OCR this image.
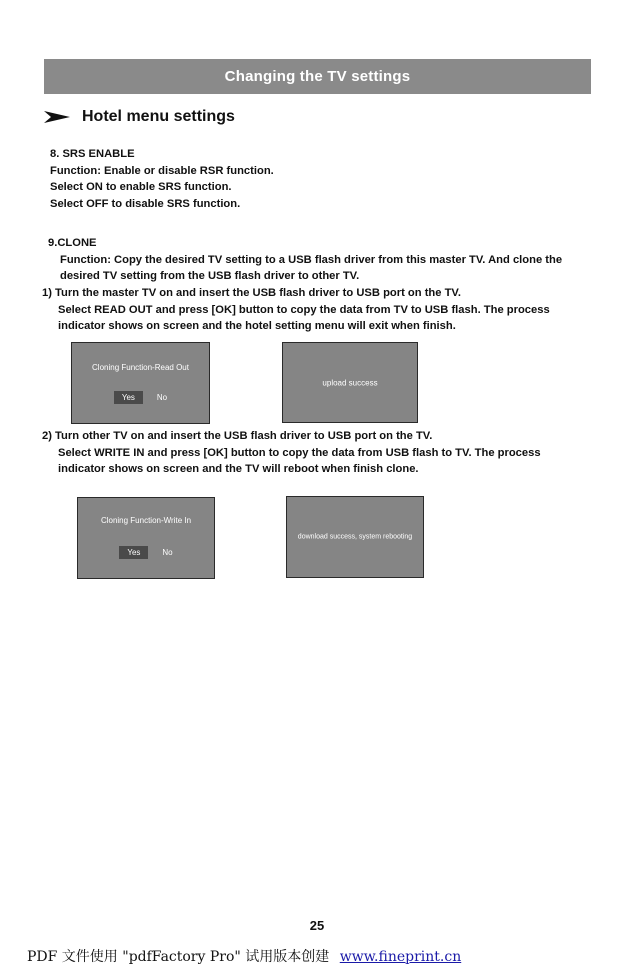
Changing the TV settings
Hotel menu settings

8. SRS ENABLE

Function: Enable or disable RSR function.

Select ON to enable SRS function.

Select OFF to disable SRS function.

9.CLONE

Function: Copy the desired TV setting to a USB flash driver from this master TV. And clone the

desired TV setting from the USB flash driver to other TV.

1) Turn the master TV on and insert the USB flash driver to USB port on the TV.

Select READ OUT and press [OK] button to copy the data from TV to USB flash. The process

indicator shows on screen and the hotel setting menu will exit when finish.

Cloning Function-Read Out
Yes	No
upload success

2) Turn other TV on and insert the USB flash driver to USB port on the TV.

Select WRITE IN and press [OK] button to copy the data from USB flash to TV. The process

indicator shows on screen and the TV will reboot when finish clone.

Cloning Function-Write In
Yes	No
download success, system rebooting
25
PDF 文件使用 "pdfFactory Pro" 试用版本创建 www.fineprint.cn
